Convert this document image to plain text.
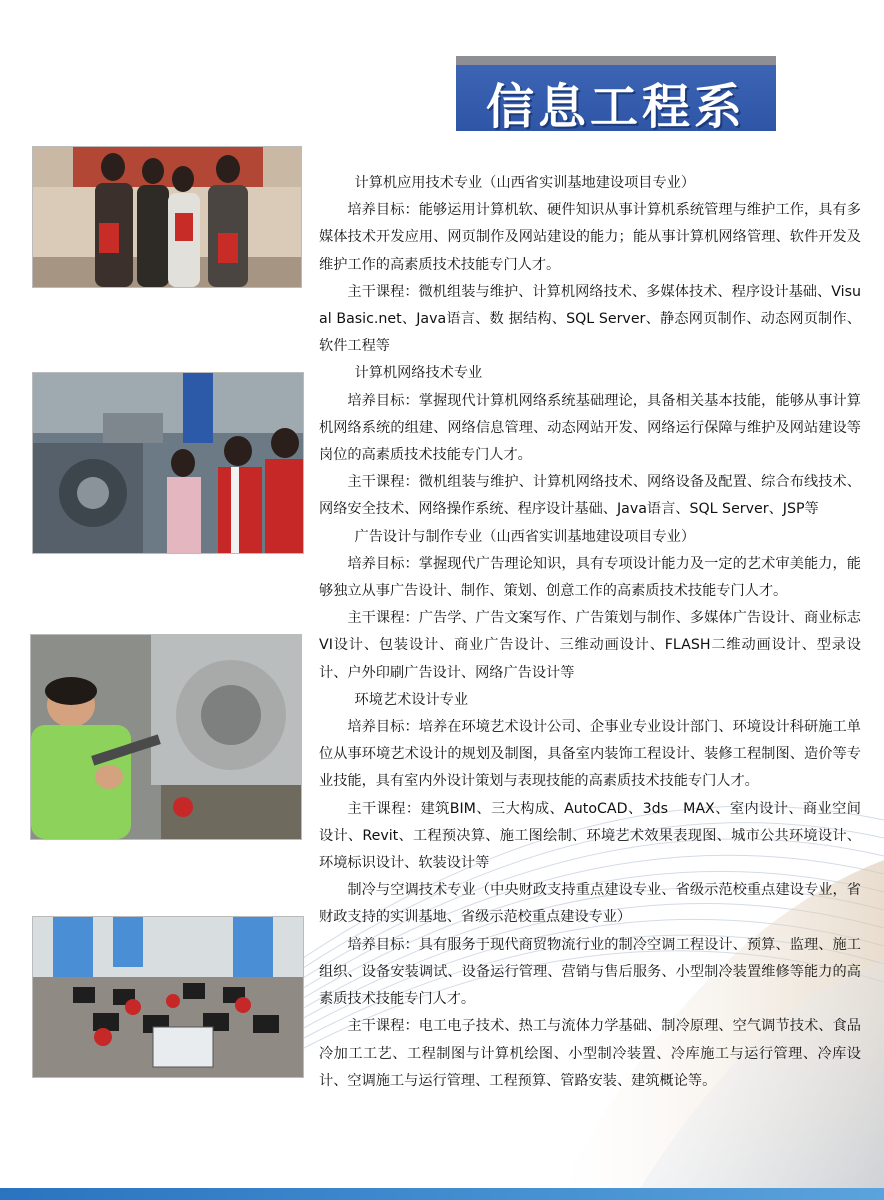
信息工程系

计算机应用技术专业（山西省实训基地建设项目专业）

培养目标：能够运用计算机软、硬件知识从事计算机系统管理与维护工作，具有多媒体技术开发应用、网页制作及网站建设的能力；能从事计算机网络管理、软件开发及维护工作的高素质技术技能专门人才。

主干课程：微机组装与维护、计算机网络技术、多媒体技术、程序设计基础、Visual Basic.net、Java语言、数 据结构、SQL Server、静态网页制作、动态网页制作、软件工程等

计算机网络技术专业

培养目标：掌握现代计算机网络系统基础理论，具备相关基本技能，能够从事计算机网络系统的组建、网络信息管理、动态网站开发、网络运行保障与维护及网站建设等岗位的高素质技术技能专门人才。

主干课程：微机组装与维护、计算机网络技术、网络设备及配置、综合布线技术、网络安全技术、网络操作系统、程序设计基础、Java语言、SQL Server、JSP等

广告设计与制作专业（山西省实训基地建设项目专业）

培养目标：掌握现代广告理论知识，具有专项设计能力及一定的艺术审美能力，能够独立从事广告设计、制作、策划、创意工作的高素质技术技能专门人才。

主干课程：广告学、广告文案写作、广告策划与制作、多媒体广告设计、商业标志VI设计、包装设计、商业广告设计、三维动画设计、FLASH二维动画设计、型录设计、户外印刷广告设计、网络广告设计等

环境艺术设计专业

培养目标：培养在环境艺术设计公司、企事业专业设计部门、环境设计科研施工单位从事环境艺术设计的规划及制图，具备室内装饰工程设计、装修工程制图、造价等专业技能，具有室内外设计策划与表现技能的高素质技术技能专门人才。

主干课程：建筑BIM、三大构成、AutoCAD、3ds　MAX、室内设计、商业空间设计、Revit、工程预决算、施工图绘制、环境艺术效果表现图、城市公共环境设计、环境标识设计、软装设计等

制冷与空调技术专业（中央财政支持重点建设专业、省级示范校重点建设专业，省财政支持的实训基地、省级示范校重点建设专业）

培养目标：具有服务于现代商贸物流行业的制冷空调工程设计、预算、监理、施工组织、设备安装调试、设备运行管理、营销与售后服务、小型制冷装置维修等能力的高素质技术技能专门人才。

主干课程：电工电子技术、热工与流体力学基础、制冷原理、空气调节技术、食品冷加工工艺、工程制图与计算机绘图、小型制冷装置、冷库施工与运行管理、冷库设计、空调施工与运行管理、工程预算、管路安装、建筑概论等。
